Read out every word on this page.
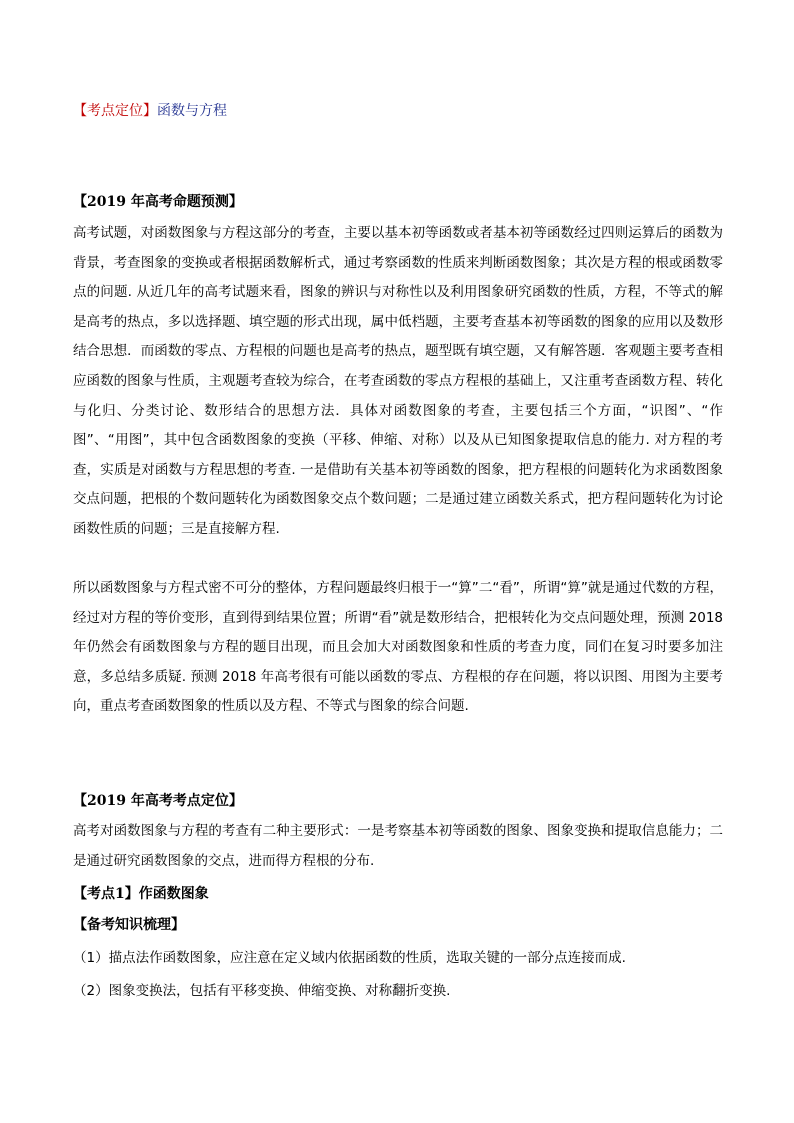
【考点定位】函数与方程
【2019 年高考命题预测】

高考试题，对函数图象与方程这部分的考查，主要以基本初等函数或者基本初等函数经过四则运算后的函数为背景，考查图象的变换或者根据函数解析式，通过考察函数的性质来判断函数图象；其次是方程的根或函数零点的问题. 从近几年的高考试题来看，图象的辨识与对称性以及利用图象研究函数的性质，方程，不等式的解是高考的热点，多以选择题、填空题的形式出现，属中低档题，主要考查基本初等函数的图象的应用以及数形结合思想．而函数的零点、方程根的问题也是高考的热点，题型既有填空题，又有解答题．客观题主要考查相应函数的图象与性质，主观题考查较为综合，在考查函数的零点方程根的基础上，又注重考查函数方程、转化与化归、分类讨论、数形结合的思想方法．具体对函数图象的考查，主要包括三个方面，“识图”、“作图”、“用图”，其中包含函数图象的变换（平移、伸缩、对称）以及从已知图象提取信息的能力. 对方程的考查，实质是对函数与方程思想的考查. 一是借助有关基本初等函数的图象，把方程根的问题转化为求函数图象交点问题，把根的个数问题转化为函数图象交点个数问题；二是通过建立函数关系式，把方程问题转化为讨论函数性质的问题；三是直接解方程.

所以函数图象与方程式密不可分的整体，方程问题最终归根于一“算”二“看”，所谓“算”就是通过代数的方程，经过对方程的等价变形，直到得到结果位置；所谓“看”就是数形结合，把根转化为交点问题处理，预测 2018 年仍然会有函数图象与方程的题目出现，而且会加大对函数图象和性质的考查力度，同们在复习时要多加注意，多总结多质疑. 预测 2018 年高考很有可能以函数的零点、方程根的存在问题，将以识图、用图为主要考向，重点考查函数图象的性质以及方程、不等式与图象的综合问题.

【2019 年高考考点定位】

高考对函数图象与方程的考查有二种主要形式：一是考察基本初等函数的图象、图象变换和提取信息能力；二是通过研究函数图象的交点，进而得方程根的分布.

【考点1】作函数图象
【备考知识梳理】
（1）描点法作函数图象，应注意在定义域内依据函数的性质，选取关键的一部分点连接而成.
（2）图象变换法，包括有平移变换、伸缩变换、对称翻折变换.
